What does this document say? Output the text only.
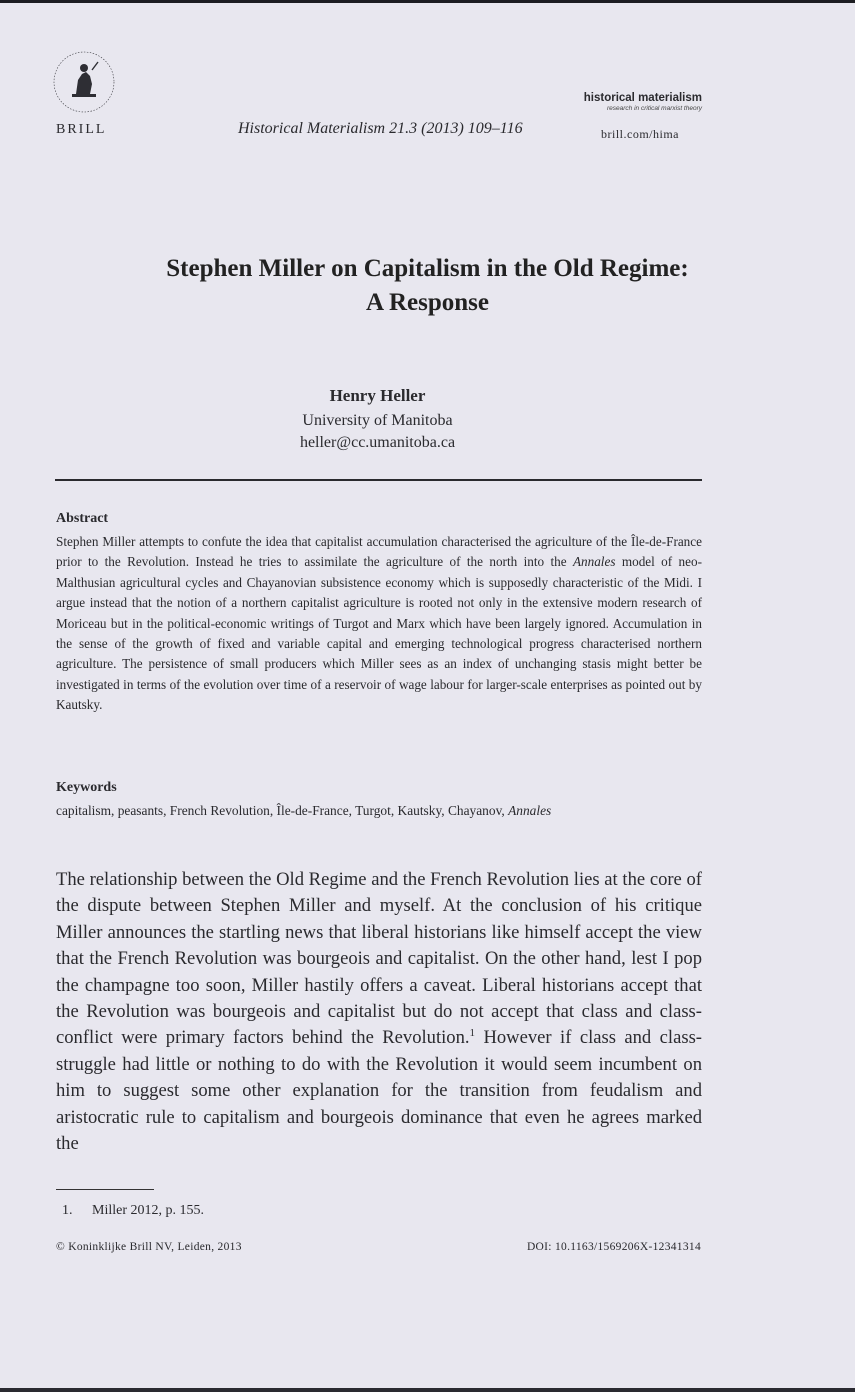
BRILL	Historical Materialism 21.3 (2013) 109–116
historical materialism
research in critical marxist theory
brill.com/hima
Stephen Miller on Capitalism in the Old Regime:
A Response
Henry Heller
University of Manitoba
heller@cc.umanitoba.ca
Abstract
Stephen Miller attempts to confute the idea that capitalist accumulation characterised the agriculture of the Île-de-France prior to the Revolution. Instead he tries to assimilate the agriculture of the north into the Annales model of neo-Malthusian agricultural cycles and Chayanovian subsistence economy which is supposedly characteristic of the Midi. I argue instead that the notion of a northern capitalist agriculture is rooted not only in the extensive modern research of Moriceau but in the political-economic writings of Turgot and Marx which have been largely ignored. Accumulation in the sense of the growth of fixed and variable capital and emerging technological progress characterised northern agriculture. The persistence of small producers which Miller sees as an index of unchanging stasis might better be investigated in terms of the evolution over time of a reservoir of wage labour for larger-scale enterprises as pointed out by Kautsky.
Keywords
capitalism, peasants, French Revolution, Île-de-France, Turgot, Kautsky, Chayanov, Annales
The relationship between the Old Regime and the French Revolution lies at the core of the dispute between Stephen Miller and myself. At the conclusion of his critique Miller announces the startling news that liberal historians like himself accept the view that the French Revolution was bourgeois and capitalist. On the other hand, lest I pop the champagne too soon, Miller hastily offers a caveat. Liberal historians accept that the Revolution was bourgeois and capitalist but do not accept that class and class-conflict were primary factors behind the Revolution.$^1$ However if class and class-struggle had little or nothing to do with the Revolution it would seem incumbent on him to suggest some other explanation for the transition from feudalism and aristocratic rule to capitalism and bourgeois dominance that even he agrees marked the
1. Miller 2012, p. 155.
© Koninklijke Brill NV, Leiden, 2013	DOI: 10.1163/1569206X-12341314
